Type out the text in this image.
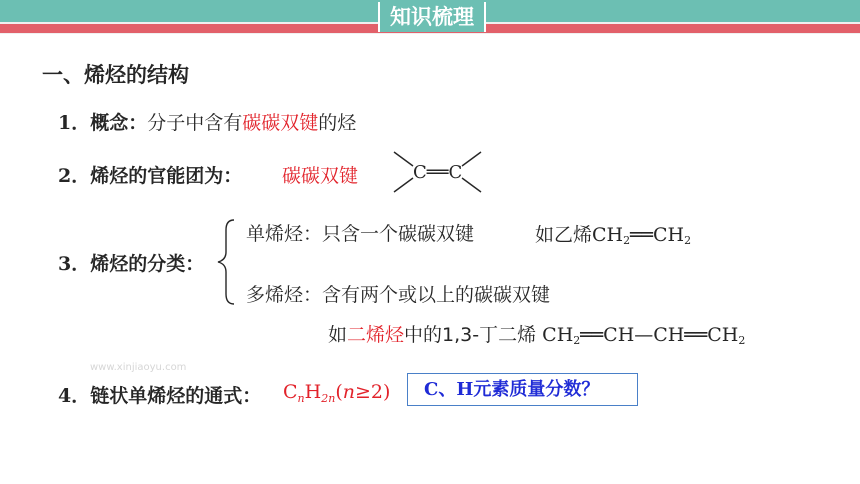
知识梳理
一、烯烃的结构
1．概念：分子中含有碳碳双键的烃
2．烯烃的官能团为： 碳碳双键	C══C
3．烯烃的分类：
单烯烃：只含一个碳碳双键	如乙烯$CH_2══CH_2$
多烯烃：含有两个或以上的碳碳双键
如二烯烃中的1,3-丁二烯 $CH_2══CH—CH══CH_2$
www.xinjiaoyu.com
4．链状单烯烃的通式： $C_nH_{2n}(n\ge 2)$	C、H元素质量分数？
